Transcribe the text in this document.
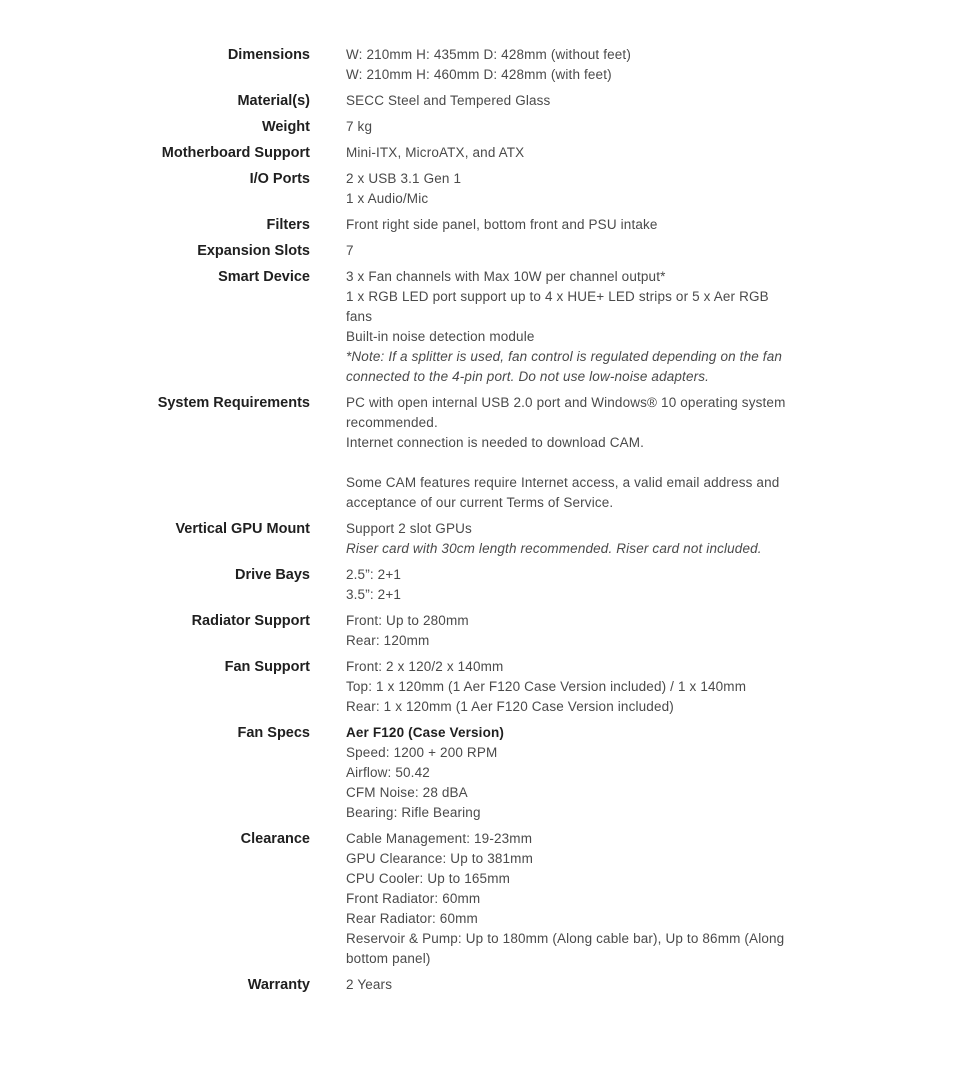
Dimensions	W: 210mm H: 435mm D: 428mm (without feet)
W: 210mm H: 460mm D: 428mm (with feet)
Material(s)	SECC Steel and Tempered Glass
Weight	7 kg
Motherboard Support	Mini-ITX, MicroATX, and ATX
I/O Ports	2 x USB 3.1 Gen 1
1 x Audio/Mic
Filters	Front right side panel, bottom front and PSU intake
Expansion Slots	7
Smart Device	3 x Fan channels with Max 10W per channel output*
1 x RGB LED port support up to 4 x HUE+ LED strips or 5 x Aer RGB fans
Built-in noise detection module
*Note: If a splitter is used, fan control is regulated depending on the fan connected to the 4-pin port. Do not use low-noise adapters.
System Requirements	PC with open internal USB 2.0 port and Windows® 10 operating system recommended.
Internet connection is needed to download CAM.
Some CAM features require Internet access, a valid email address and acceptance of our current Terms of Service.
Vertical GPU Mount	Support 2 slot GPUs
Riser card with 30cm length recommended. Riser card not included.
Drive Bays	2.5”: 2+1
3.5”: 2+1
Radiator Support	Front: Up to 280mm
Rear: 120mm
Fan Support	Front: 2 x 120/2 x 140mm
Top: 1 x 120mm (1 Aer F120 Case Version included) / 1 x 140mm
Rear: 1 x 120mm (1 Aer F120 Case Version included)
Fan Specs	Aer F120 (Case Version)
Speed: 1200 + 200 RPM
Airflow: 50.42
CFM Noise: 28 dBA
Bearing: Rifle Bearing
Clearance	Cable Management: 19-23mm
GPU Clearance: Up to 381mm
CPU Cooler: Up to 165mm
Front Radiator: 60mm
Rear Radiator: 60mm
Reservoir & Pump: Up to 180mm (Along cable bar), Up to 86mm (Along bottom panel)
Warranty	2 Years
